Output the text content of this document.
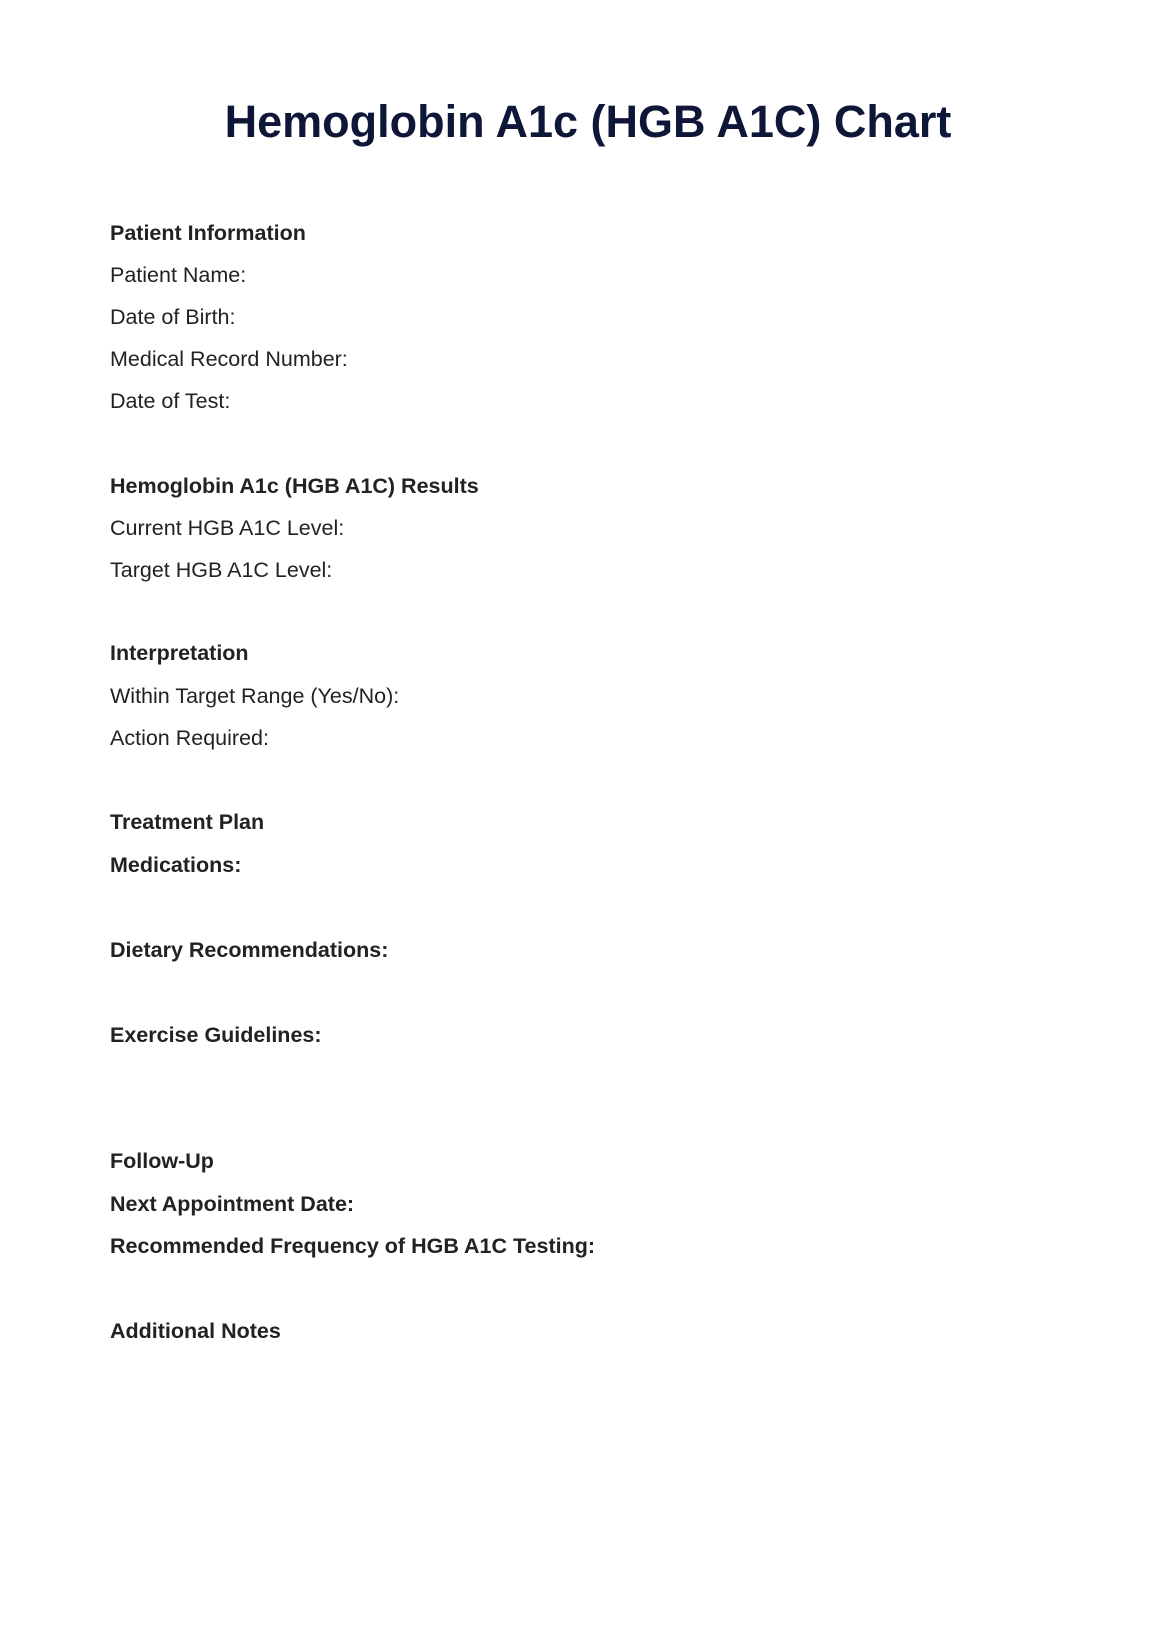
Hemoglobin A1c (HGB A1C) Chart
Patient Information
Patient Name:
Date of Birth:
Medical Record Number:
Date of Test:
Hemoglobin A1c (HGB A1C) Results
Current HGB A1C Level:
Target HGB A1C Level:
Interpretation
Within Target Range (Yes/No):
Action Required:
Treatment Plan
Medications:
Dietary Recommendations:
Exercise Guidelines:
Follow-Up
Next Appointment Date:
Recommended Frequency of HGB A1C Testing:
Additional Notes
